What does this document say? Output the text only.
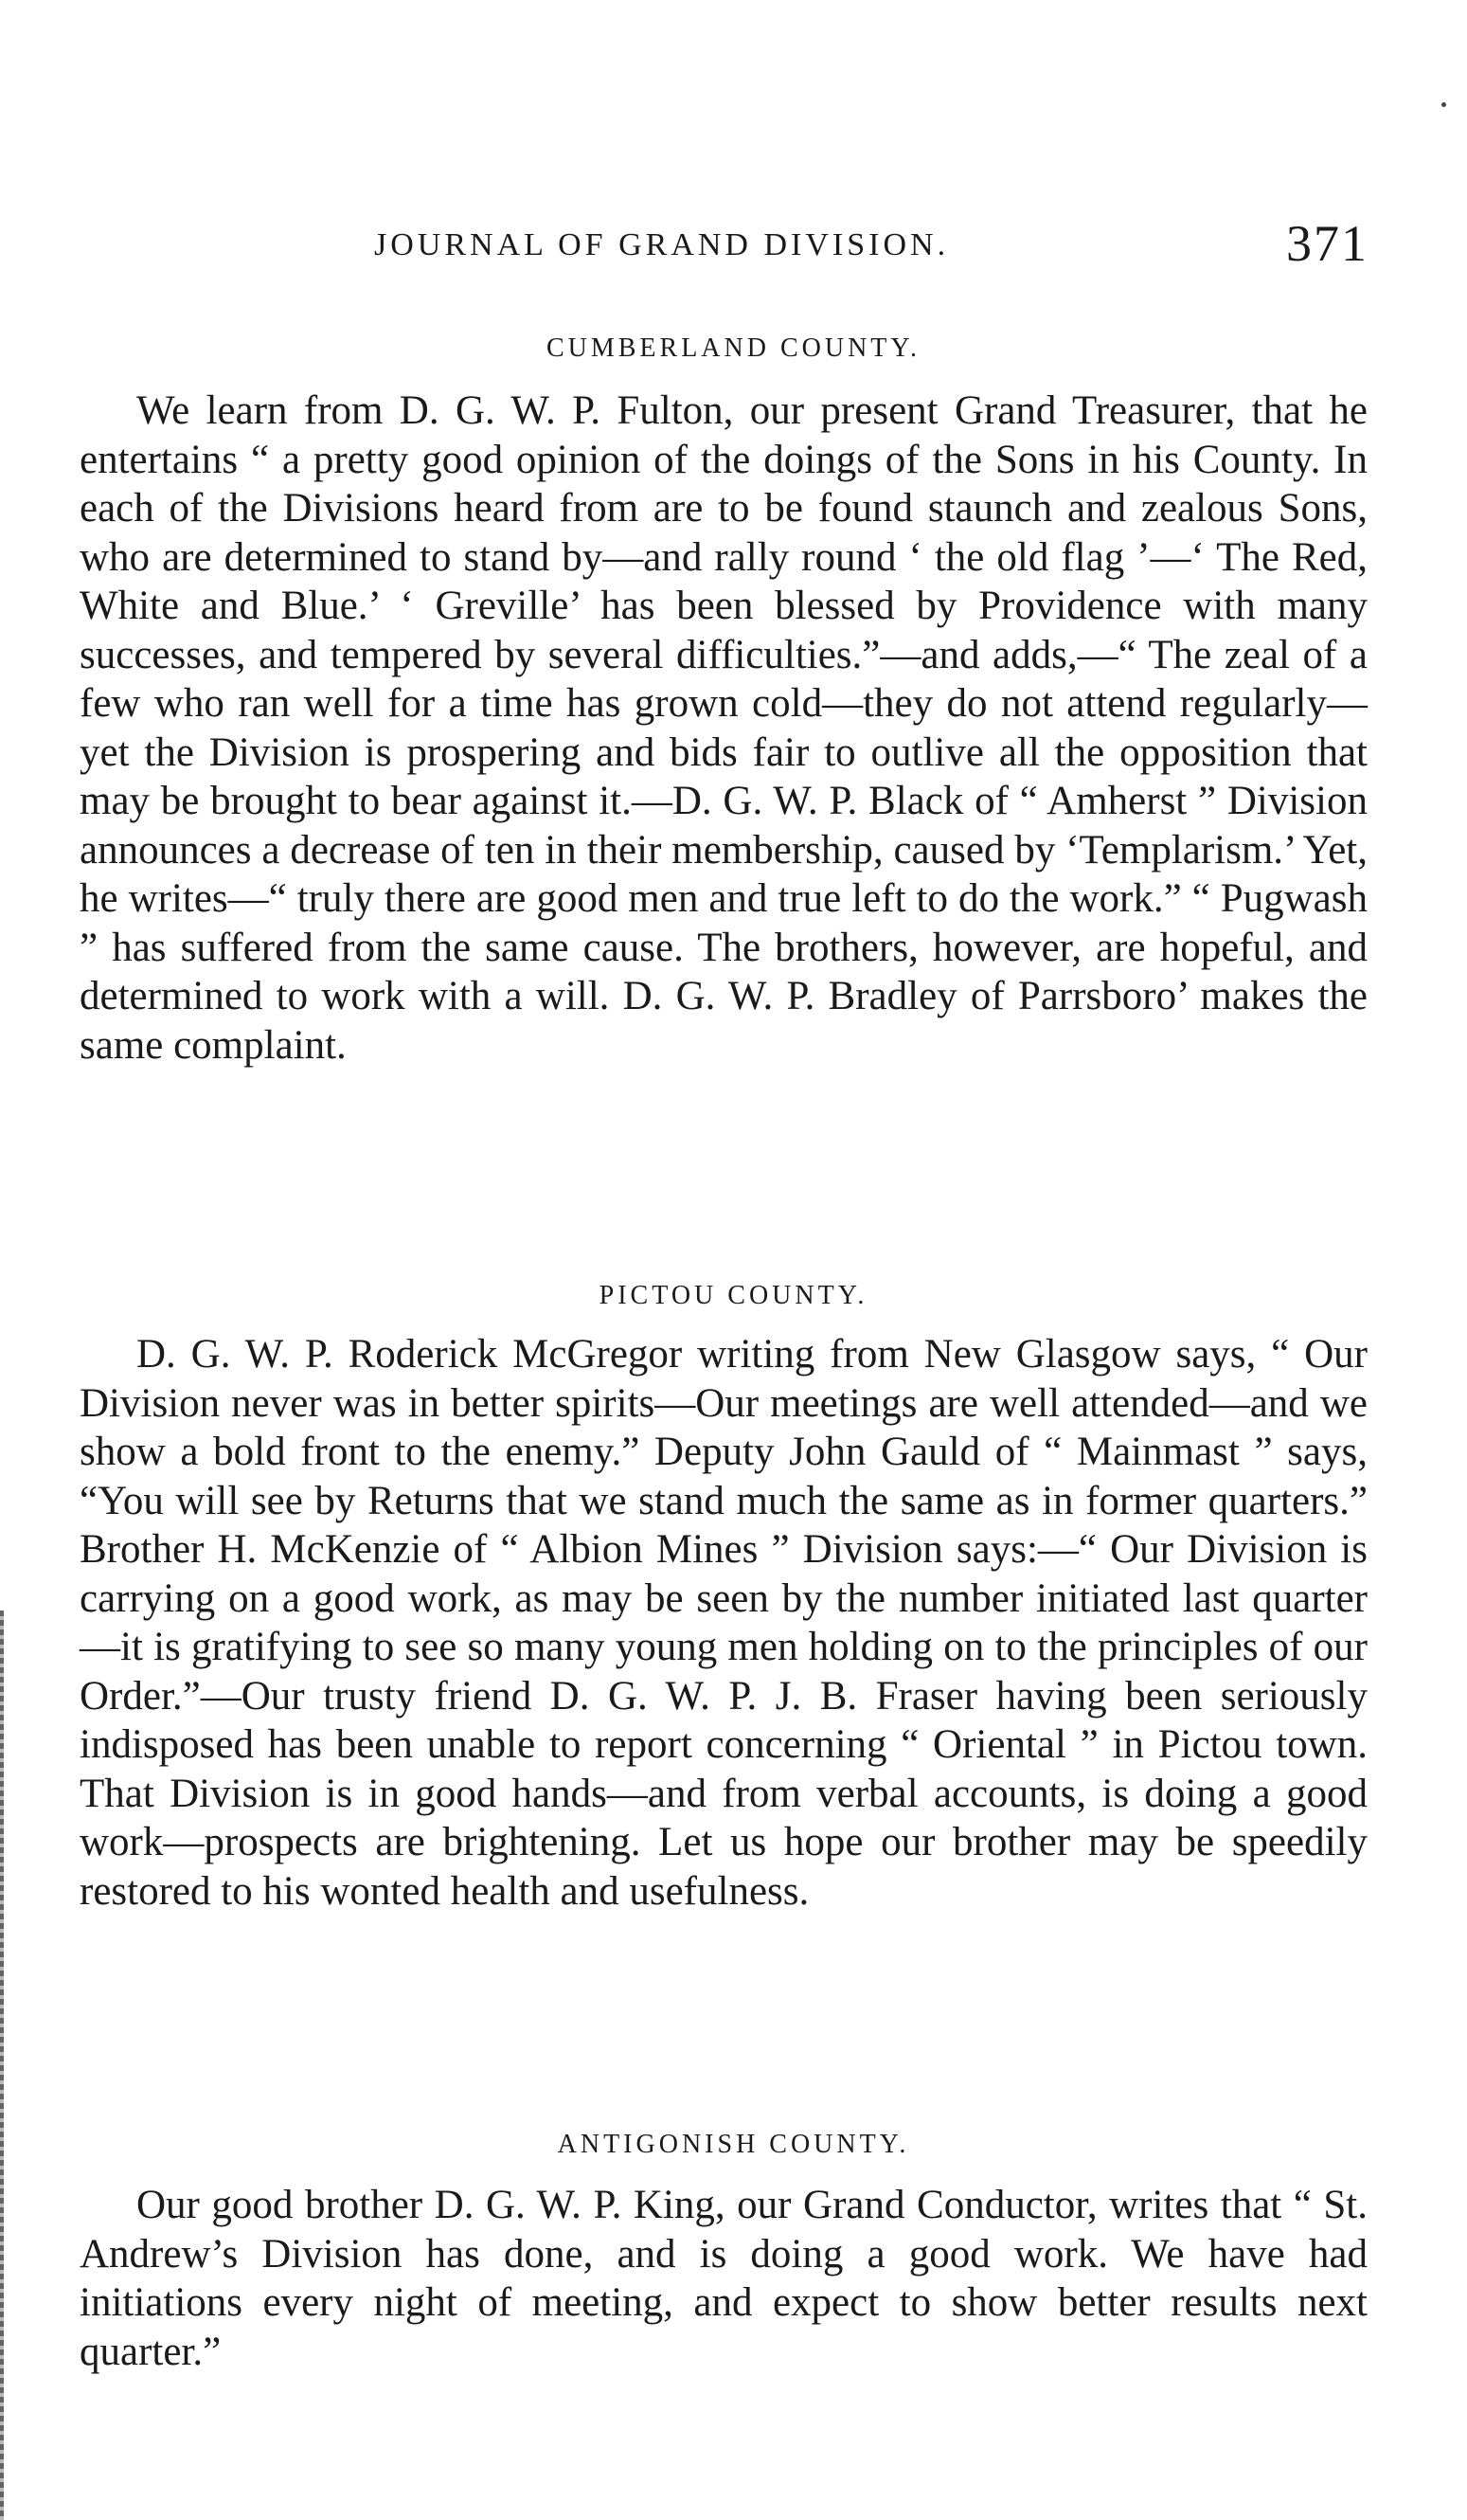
JOURNAL OF GRAND DIVISION.	371
CUMBERLAND COUNTY.

We learn from D. G. W. P. Fulton, our present Grand Treasurer, that he entertains “ a pretty good opinion of the doings of the Sons in his County. In each of the Divisions heard from are to be found staunch and zealous Sons, who are determined to stand by—and rally round ‘ the old flag ’—‘ The Red, White and Blue.’ ‘ Greville’ has been blessed by Providence with many successes, and tempered by several difficulties.”—and adds,—“ The zeal of a few who ran well for a time has grown cold—they do not attend regularly—yet the Division is prospering and bids fair to outlive all the opposition that may be brought to bear against it.—D. G. W. P. Black of “ Amherst ” Division announces a decrease of ten in their membership, caused by ‘Templarism.’ Yet, he writes—“ truly there are good men and true left to do the work.” “ Pugwash ” has suffered from the same cause. The brothers, however, are hopeful, and determined to work with a will. D. G. W. P. Bradley of Parrsboro’ makes the same complaint.

PICTOU COUNTY.

D. G. W. P. Roderick McGregor writing from New Glasgow says, “ Our Division never was in better spirits—Our meetings are well attended—and we show a bold front to the enemy.” Deputy John Gauld of “ Mainmast ” says, “You will see by Returns that we stand much the same as in former quarters.” Brother H. McKenzie of “ Albion Mines ” Division says:—“ Our Division is carrying on a good work, as may be seen by the number initiated last quarter—it is gratifying to see so many young men holding on to the principles of our Order.”—Our trusty friend D. G. W. P. J. B. Fraser having been seriously indisposed has been unable to report concerning “ Oriental ” in Pictou town. That Division is in good hands—and from verbal accounts, is doing a good work—prospects are brightening. Let us hope our brother may be speedily restored to his wonted health and usefulness.

ANTIGONISH COUNTY.

Our good brother D. G. W. P. King, our Grand Conductor, writes that “ St. Andrew’s Division has done, and is doing a good work. We have had initiations every night of meeting, and expect to show better results next quarter.”
